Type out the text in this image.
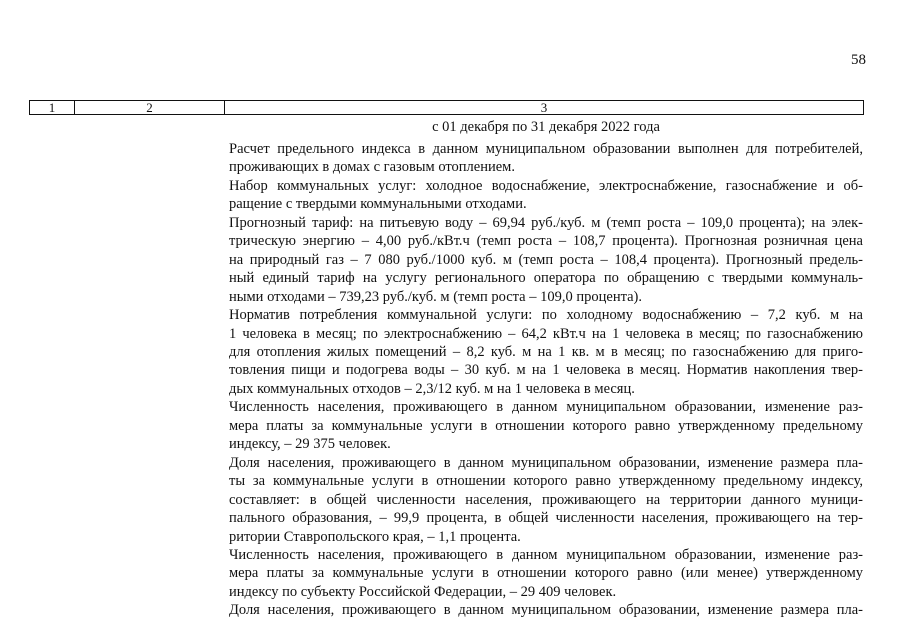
58
1	2	3
с 01 декабря по 31 декабря 2022 года
Расчет предельного индекса в данном муниципальном образовании выполнен для потребителей,
проживающих в домах с газовым отоплением.
Набор коммунальных услуг: холодное водоснабжение, электроснабжение, газоснабжение и об-
ращение с твердыми коммунальными отходами.
Прогнозный тариф: на питьевую воду – 69,94 руб./куб. м (темп роста – 109,0 процента); на элек-
трическую энергию – 4,00 руб./кВт.ч (темп роста – 108,7 процента). Прогнозная розничная цена
на природный газ – 7 080 руб./1000 куб. м (темп роста – 108,4 процента). Прогнозный предель-
ный единый тариф на услугу регионального оператора по обращению с твердыми коммуналь-
ными отходами – 739,23 руб./куб. м (темп роста – 109,0 процента).
Норматив потребления коммунальной услуги: по холодному водоснабжению – 7,2 куб. м на
1 человека в месяц; по электроснабжению – 64,2 кВт.ч на 1 человека в месяц; по газоснабжению
для отопления жилых помещений – 8,2 куб. м на 1 кв. м в месяц; по газоснабжению для приго-
товления пищи и подогрева воды – 30 куб. м на 1 человека в месяц. Норматив накопления твер-
дых коммунальных отходов – 2,3/12 куб. м на 1 человека в месяц.
Численность населения, проживающего в данном муниципальном образовании, изменение раз-
мера платы за коммунальные услуги в отношении которого равно утвержденному предельному
индексу, – 29 375 человек.
Доля населения, проживающего в данном муниципальном образовании, изменение размера пла-
ты за коммунальные услуги в отношении которого равно утвержденному предельному индексу,
составляет: в общей численности населения, проживающего на территории данного муници-
пального образования, – 99,9 процента, в общей численности населения, проживающего на тер-
ритории Ставропольского края, – 1,1 процента.
Численность населения, проживающего в данном муниципальном образовании, изменение раз-
мера платы за коммунальные услуги в отношении которого равно (или менее) утвержденному
индексу по субъекту Российской Федерации, – 29 409 человек.
Доля населения, проживающего в данном муниципальном образовании, изменение размера пла-
